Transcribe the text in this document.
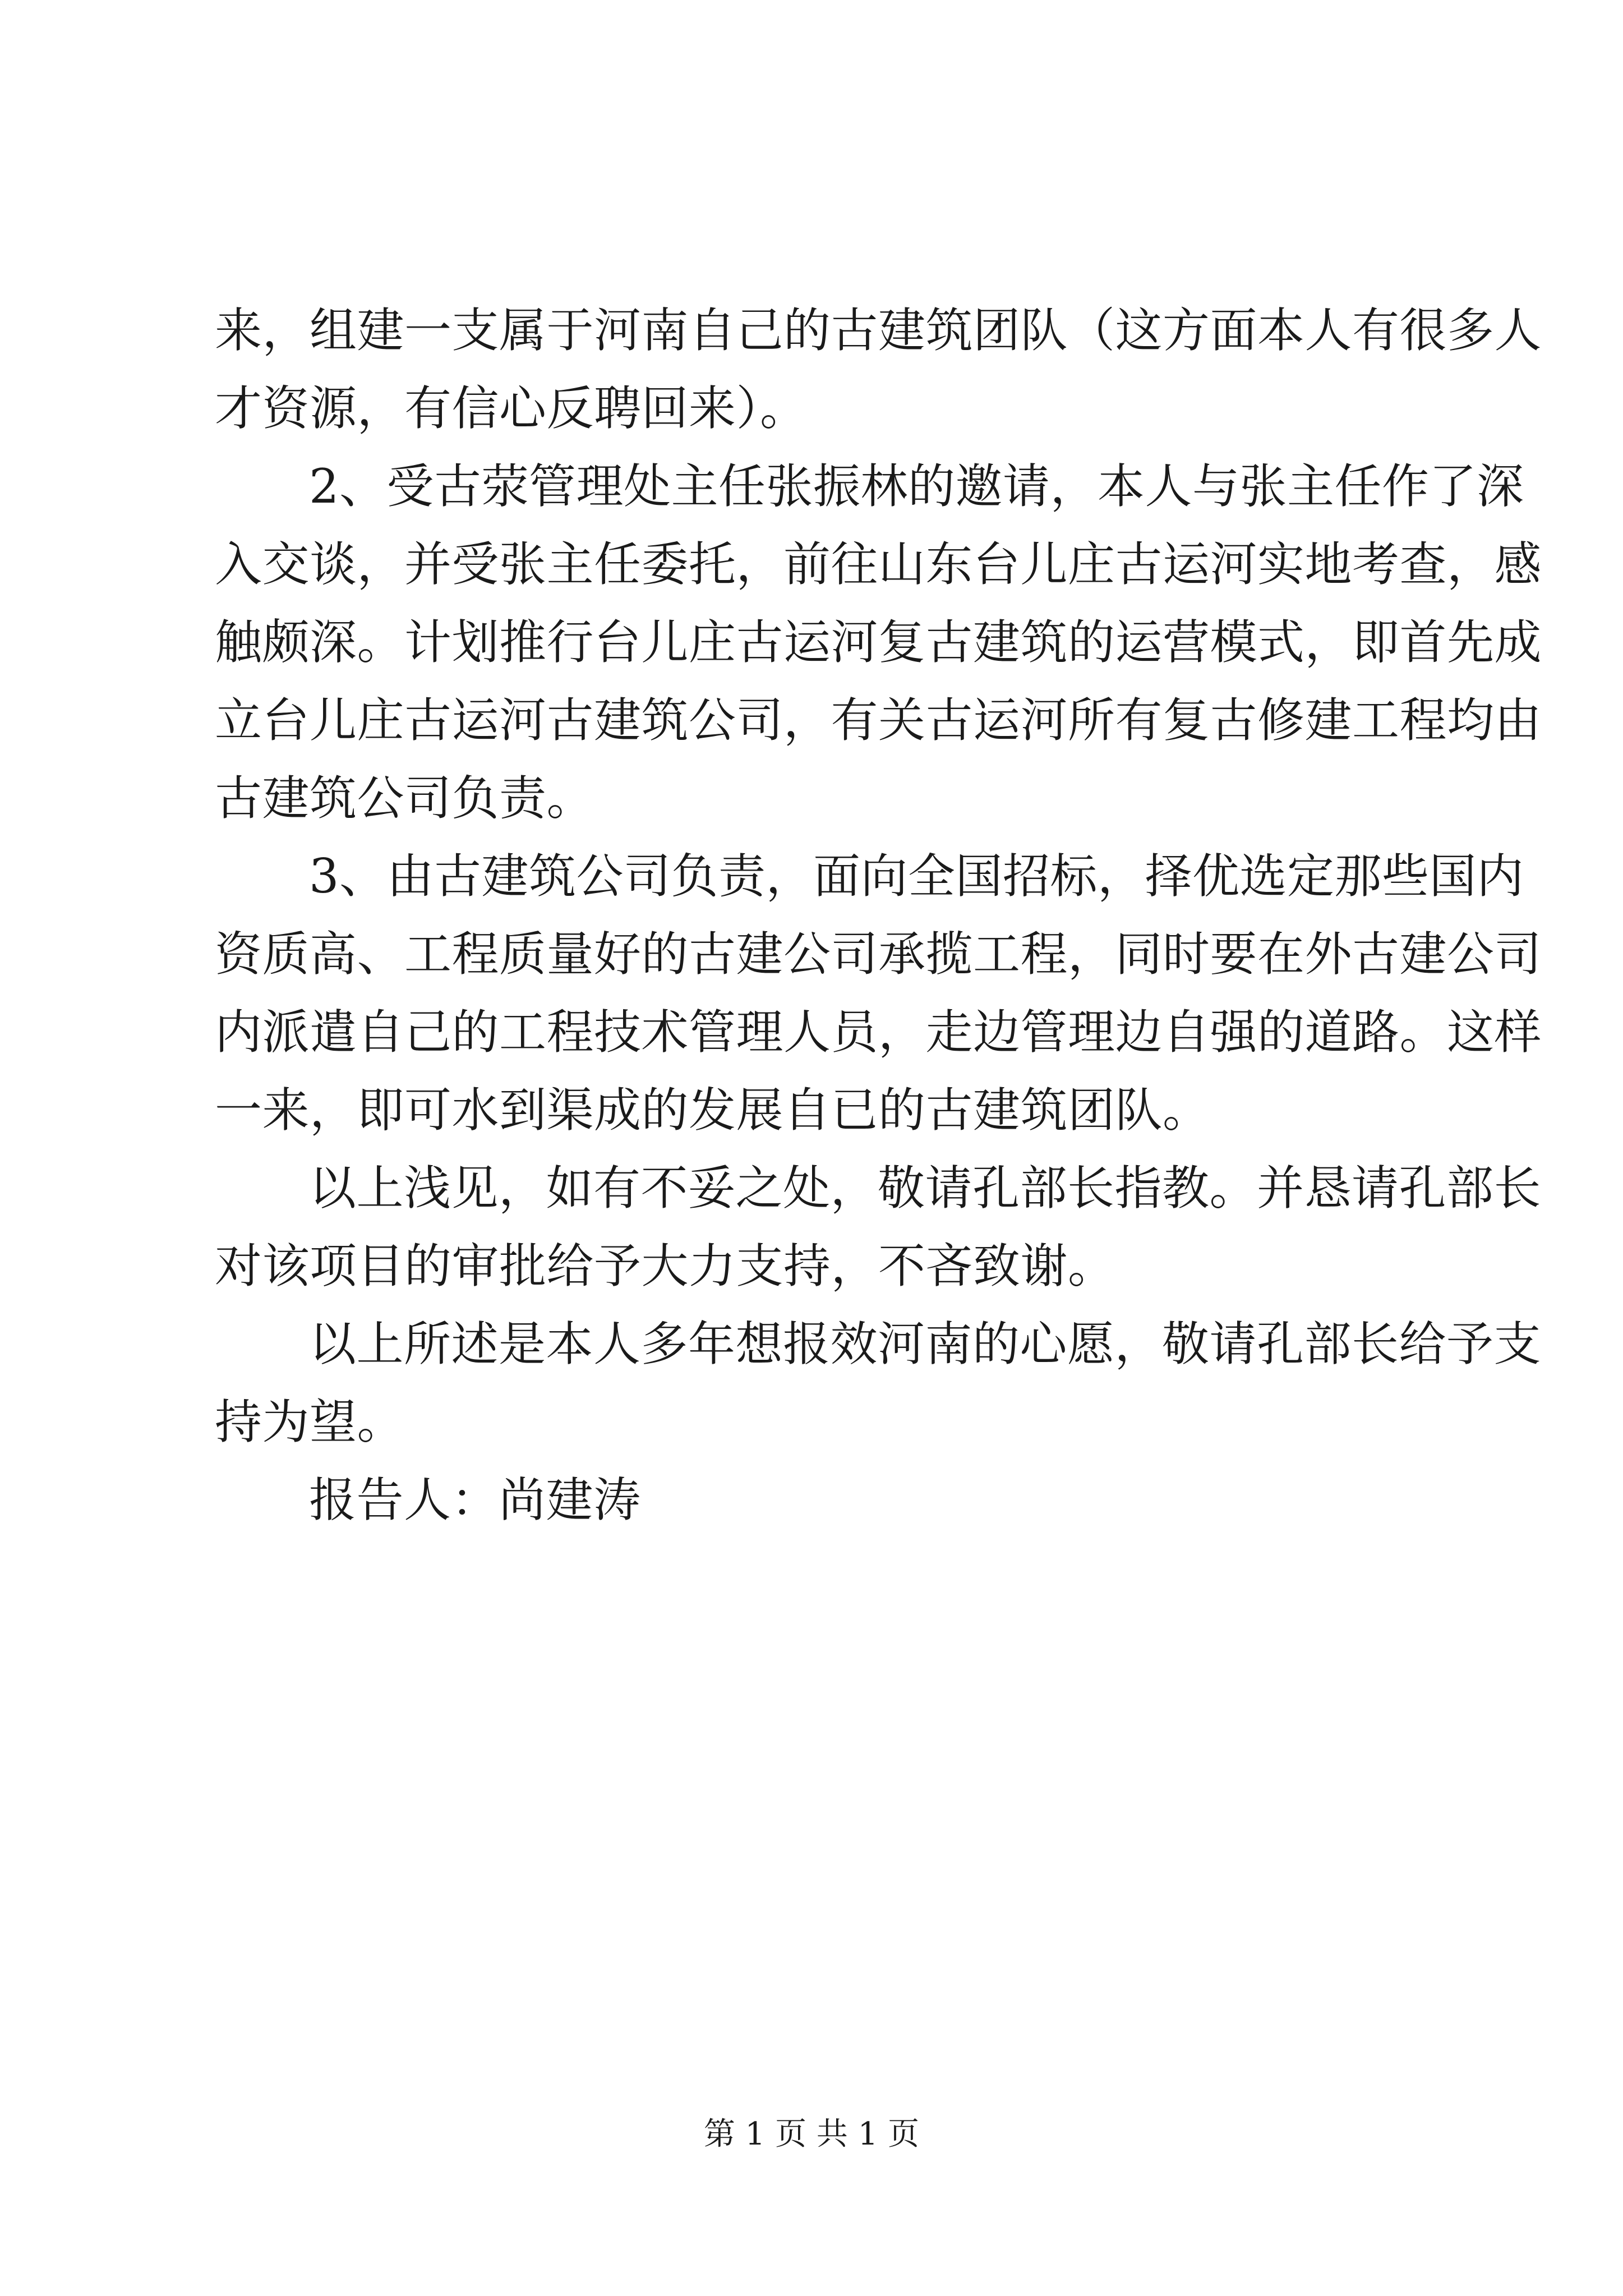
来，组建一支属于河南自己的古建筑团队（这方面本人有很多人
才资源，有信心反聘回来）。
2、受古荥管理处主任张振林的邀请，本人与张主任作了深
入交谈，并受张主任委托，前往山东台儿庄古运河实地考查，感
触颇深。计划推行台儿庄古运河复古建筑的运营模式，即首先成
立台儿庄古运河古建筑公司，有关古运河所有复古修建工程均由
古建筑公司负责。
3、由古建筑公司负责，面向全国招标，择优选定那些国内
资质高、工程质量好的古建公司承揽工程，同时要在外古建公司
内派遣自己的工程技术管理人员，走边管理边自强的道路。这样
一来，即可水到渠成的发展自已的古建筑团队。
以上浅见，如有不妥之处，敬请孔部长指教。并恳请孔部长
对该项目的审批给予大力支持，不吝致谢。
以上所述是本人多年想报效河南的心愿，敬请孔部长给予支
持为望。
报告人：尚建涛
第 1 页 共 1 页
